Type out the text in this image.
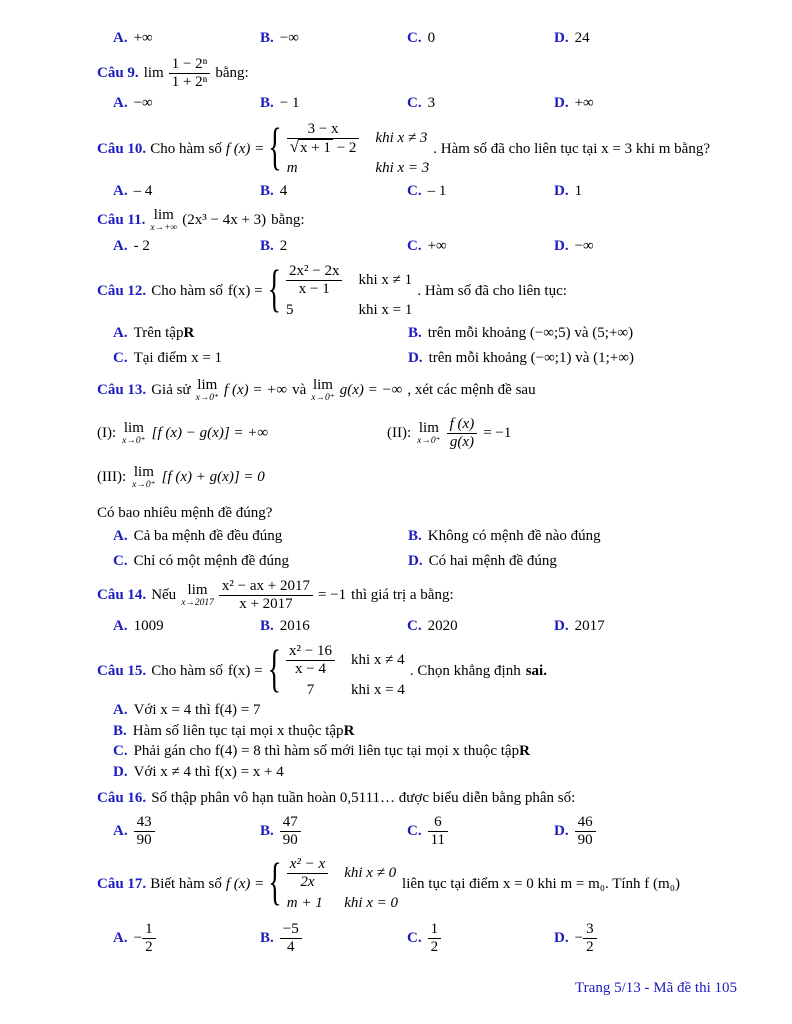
A. +∞	B. −∞	C. 0	D. 24
Câu 9. $\lim \frac{\text{1 − 2ⁿ}}{\text{1 + 2ⁿ}}$ bằng:
A. −∞	B. − 1	C. 3	D. +∞
Câu 10. Cho hàm số f (x) = { $\frac{3 - x}{√ x + 1 - 2}$ khi x ≠ 3
m	khi x = 3
. Hàm số đã cho liên tục tại x = 3 khi m bằng?
A. – 4	B. 4	C. – 1	D. 1
Câu 11. lim
x→+∞ (2x³ − 4x + 3) bằng:
A. - 2	B. 2	C. +∞	D. −∞
Câu 12. Cho hàm số f(x) = { $\frac{\text{2x² − 2x}}{x - 1}$ khi x ≠ 1
5	khi x = 1
. Hàm số đã cho liên tục:
A. Trên tập R	B. trên mỗi khoảng (−∞;5) và (5;+∞)
C. Tại điểm x = 1	D. trên mỗi khoảng (−∞;1) và (1;+∞)
Câu 13. Giả sử lim
x→0⁺ f (x) = +∞ và lim
x→0⁺ g(x) = −∞ , xét các mệnh đề sau
(I): lim
x→0⁺ [f (x) − g(x)] = +∞	(II): lim
$x\to 0^+ \frac{f (x)}{g(x)} = -1$
(III): lim
x→0⁺ [f (x) + g(x)] = 0
Có bao nhiêu mệnh đề đúng?
A. Cả ba mệnh đề đều đúng	B. Không có mệnh đề nào đúng
C. Chỉ có một mệnh đề đúng	D. Có hai mệnh đề đúng
Câu 14. Nếu lim
$x\to 2017 \frac{\text{x² − ax + 2017}}{x + 2017} = -1$ thì giá trị a bằng:
A. 1009	B. 2016	C. 2020	D. 2017
Câu 15. Cho hàm số f(x) = { $\frac{\text{x² − 16}}{x - 4}$ khi x ≠ 4
7 khi x = 4
. Chọn khẳng định sai.
A. Với x = 4 thì f(4) = 7
B. Hàm số liên tục tại mọi x thuộc tập R
C. Phải gán cho f(4) = 8 thì hàm số mới liên tục tại mọi x thuộc tập R
D. Với x ≠ 4 thì f(x) = x + 4
Câu 16. Số thập phân vô hạn tuần hoàn 0,5111… được biểu diễn bằng phân số:
A. $\frac{43}{90}$	B. $\frac{47}{90}$	C. $\frac{6}{11}$	D. $\frac{46}{90}$
Câu 17. Biết hàm số f (x) = { $\frac{\text{x² − x}}{2x}$ khi x ≠ 0
m + 1 khi x = 0
liên tục tại điểm x = 0 khi m = m₀. Tính f (m₀)
A. − $\frac{1}{2}$	B. $\frac{-5}{4}$	C. $\frac{1}{2}$	D. − $\frac{3}{2}$
Trang 5/13 - Mã đề thi 105
